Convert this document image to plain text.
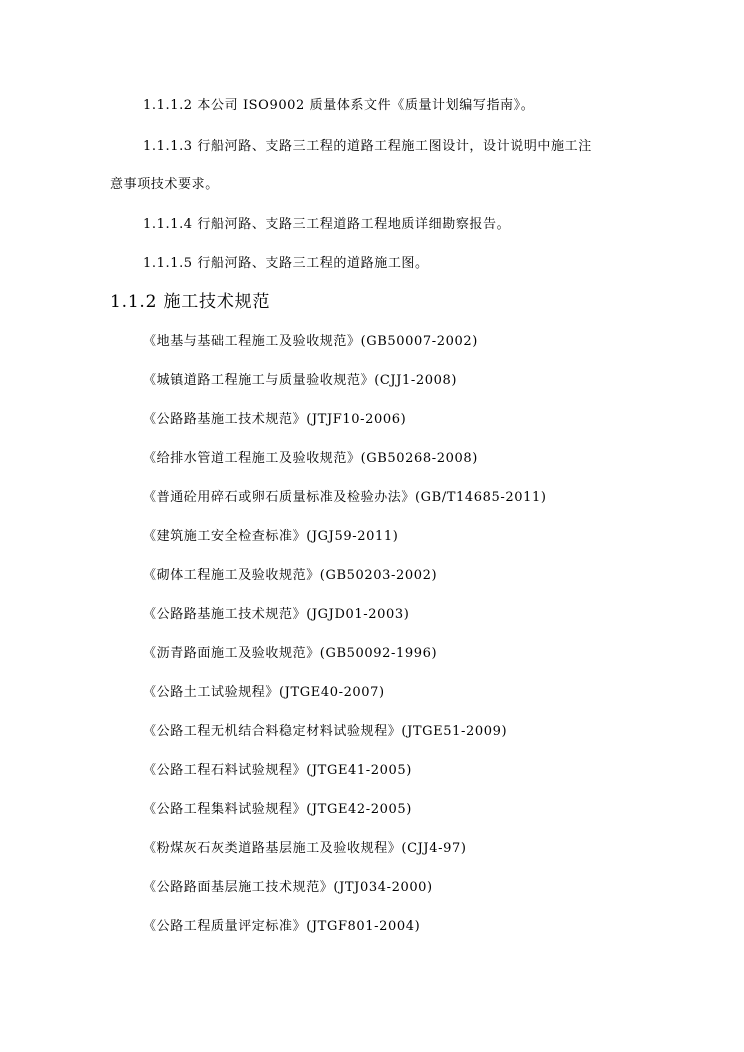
1.1.1.2 本公司 ISO9002 质量体系文件《质量计划编写指南》。
1.1.1.3 行船河路、支路三工程的道路工程施工图设计，设计说明中施工注
意事项技术要求。
1.1.1.4 行船河路、支路三工程道路工程地质详细勘察报告。
1.1.1.5 行船河路、支路三工程的道路施工图。
1.1.2 施工技术规范
《地基与基础工程施工及验收规范》(GB50007-2002)
《城镇道路工程施工与质量验收规范》(CJJ1-2008)
《公路路基施工技术规范》(JTJF10-2006)
《给排水管道工程施工及验收规范》(GB50268-2008)
《普通砼用碎石或卵石质量标准及检验办法》(GB/T14685-2011)
《建筑施工安全检查标准》(JGJ59-2011)
《砌体工程施工及验收规范》(GB50203-2002)
《公路路基施工技术规范》(JGJD01-2003)
《沥青路面施工及验收规范》(GB50092-1996)
《公路土工试验规程》(JTGE40-2007)
《公路工程无机结合料稳定材料试验规程》(JTGE51-2009)
《公路工程石料试验规程》(JTGE41-2005)
《公路工程集料试验规程》(JTGE42-2005)
《粉煤灰石灰类道路基层施工及验收规程》(CJJ4-97)
《公路路面基层施工技术规范》(JTJ034-2000)
《公路工程质量评定标准》(JTGF801-2004)
